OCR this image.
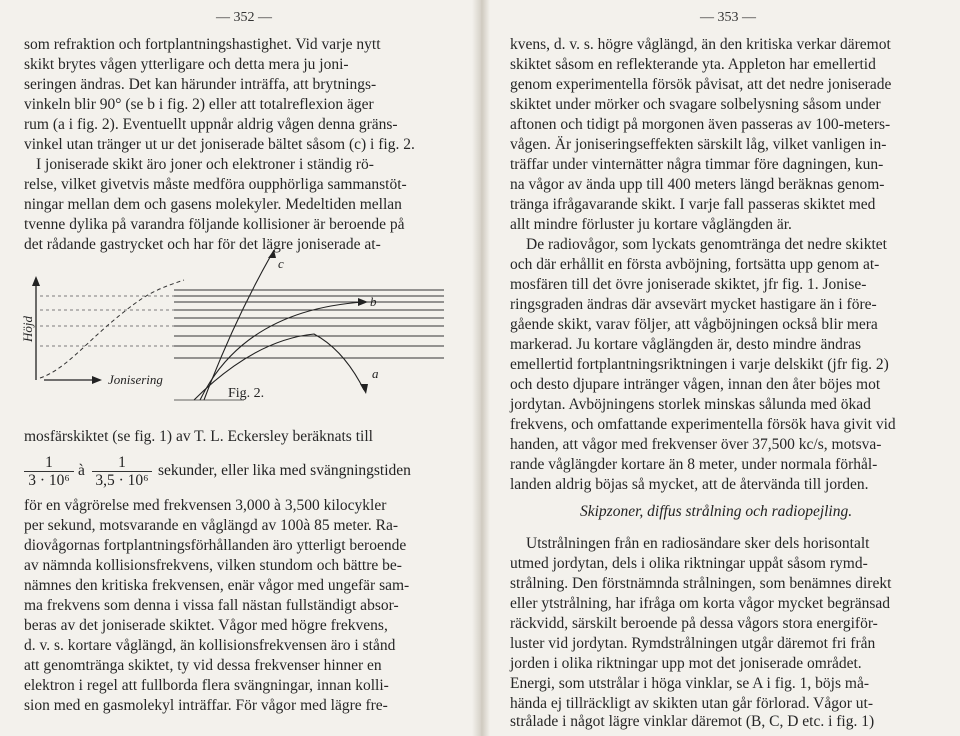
— 352 —
som refraktion och fortplantningshastighet. Vid varje nytt
skikt brytes vågen ytterligare och detta mera ju joni-
seringen ändras. Det kan härunder inträffa, att brytnings-
vinkeln blir 90° (se b i fig. 2) eller att totalreflexion äger
rum (a i fig. 2). Eventuellt uppnår aldrig vågen denna gräns-
vinkel utan tränger ut ur det joniserade bältet såsom (c) i fig. 2.
I joniserade skikt äro joner och elektroner i ständig rö-
relse, vilket givetvis måste medföra oupphörliga sammanstöt-
ningar mellan dem och gasens molekyler. Medeltiden mellan
tvenne dylika på varandra följande kollisioner är beroende på
det rådande gastrycket och har för det lägre joniserade at-
c
b
a
Höjd
Jonisering
Fig. 2.
mosfärskiktet (se fig. 1) av T. L. Eckersley beräknats till
$\frac{1}{\text{3 · 10⁶}}$ à $\frac{1}{\text{3,5 · 10⁶}}$ sekunder, eller lika med svängningstiden
för en vågrörelse med frekvensen 3,000 à 3,500 kilocykler
per sekund, motsvarande en våglängd av 100à 85 meter. Ra-
diovågornas fortplantningsförhållanden äro ytterligt beroende
av nämnda kollisionsfrekvens, vilken stundom och bättre be-
nämnes den kritiska frekvensen, enär vågor med ungefär sam-
ma frekvens som denna i vissa fall nästan fullständigt absor-
beras av det joniserade skiktet. Vågor med högre frekvens,
d. v. s. kortare våglängd, än kollisionsfrekvensen äro i stånd
att genomtränga skiktet, ty vid dessa frekvenser hinner en
elektron i regel att fullborda flera svängningar, innan kolli-
sion med en gasmolekyl inträffar. För vågor med lägre fre-
— 353 —
kvens, d. v. s. högre våglängd, än den kritiska verkar däremot
skiktet såsom en reflekterande yta. Appleton har emellertid
genom experimentella försök påvisat, att det nedre joniserade
skiktet under mörker och svagare solbelysning såsom under
aftonen och tidigt på morgonen även passeras av 100-meters-
vågen. Är joniseringseffekten särskilt låg, vilket vanligen in-
träffar under vinternätter några timmar före dagningen, kun-
na vågor av ända upp till 400 meters längd beräknas genom-
tränga ifrågavarande skikt. I varje fall passeras skiktet med
allt mindre förluster ju kortare våglängden är.
De radiovågor, som lyckats genomtränga det nedre skiktet
och där erhållit en första avböjning, fortsätta upp genom at-
mosfären till det övre joniserade skiktet, jfr fig. 1. Jonise-
ringsgraden ändras där avsevärt mycket hastigare än i före-
gående skikt, varav följer, att vågböjningen också blir mera
markerad. Ju kortare våglängden är, desto mindre ändras
emellertid fortplantningsriktningen i varje delskikt (jfr fig. 2)
och desto djupare intränger vågen, innan den åter böjes mot
jordytan. Avböjningens storlek minskas sålunda med ökad
frekvens, och omfattande experimentella försök hava givit vid
handen, att vågor med frekvenser över 37,500 kc/s, motsva-
rande våglängder kortare än 8 meter, under normala förhål-
landen aldrig böjas så mycket, att de återvända till jorden.
Skipzoner, diffus strålning och radiopejling.
Utstrålningen från en radiosändare sker dels horisontalt
utmed jordytan, dels i olika riktningar uppåt såsom rymd-
strålning. Den förstnämnda strålningen, som benämnes direkt
eller ytstrålning, har ifråga om korta vågor mycket begränsad
räckvidd, särskilt beroende på dessa vågors stora energiför-
luster vid jordytan. Rymdstrålningen utgår däremot fri från
jorden i olika riktningar upp mot det joniserade området.
Energi, som utstrålar i höga vinklar, se A i fig. 1, böjs må-
hända ej tillräckligt av skikten utan går förlorad. Vågor ut-
strålade i något lägre vinklar däremot (B, C, D etc. i fig. 1)
